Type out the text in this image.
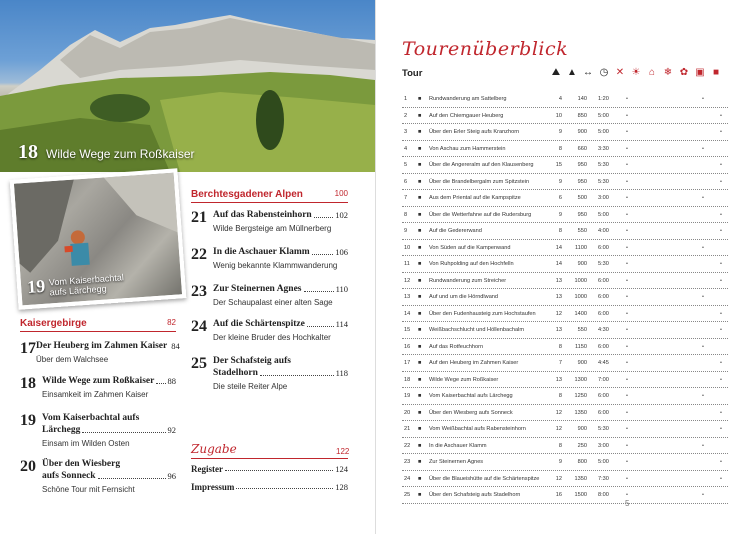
18 Wilde Wege zum Roßkaiser
19 Vom Kaiserbachtal
aufs Lärchegg
Kaisergebirge	82
Berchtesgadener Alpen	100
17 Der Heuberg im Zahmen Kaiser 84
Über dem Walchsee
18 Wilde Wege zum Roßkaiser 88
Einsamkeit im Zahmen Kaiser
19 Vom Kaiserbachtal aufs
Lärchegg	92
Einsam im Wilden Osten
20 Über den Wiesberg
aufs Sonneck	96
Schöne Tour mit Fernsicht
21 Auf das Rabensteinhorn	102
Wilde Bergsteige am Müllnerberg
22 In die Aschauer Klamm	106
Wenig bekannte Klammwanderung
23 Zur Steinernen Agnes	110
Der Schaupalast einer alten Sage
24 Auf die Schärtenspitze	114
Der kleine Bruder des Hochkalter
25 Der Schafsteig aufs
Stadelhorn	118
Die steile Reiter Alpe
Zugabe	122
Register	124
Impressum	128
Tourenüberblick
Tour	⛰ ▲ ↔ ◷ ✕ ☀ ⌂ ❄ ✿ ▣ ■
1 ■ Rundwanderung am Sattelberg	4	140 1:20	•	•
2 ■ Auf den Chiemgauer Heuberg	10	850 5:00	•	•
3 ■ Über den Erler Steig aufs Kranzhorn	9	900 5:00	•	•
4 ■ Von Aschau zum Hammerstein	8	660 3:30	•	•
5 ■ Über die Angereralm auf den Klausenberg	15	950 5:30	•	•
6 ■ Über die Brandelbergalm zum Spitzstein	9	950 5:30	•	•
7 ■ Aus dem Priental auf die Kampspitze	6	500 3:00	•	•
8 ■ Über die Wetterfahne auf die Rudersburg	9	950 5:00	•	•
9 ■ Auf die Gedererwand	8	550 4:00	•	•
10 ■ Von Süden auf die Kampenwand	14	1100 6:00	•	•
11 ■ Von Ruhpolding auf den Hochfelln	14	900 5:30	•	•
12 ■ Rundwanderung zum Streicher	13	1000 6:00	•	•
13 ■ Auf und um die Hörndlwand	13	1000 6:00	•	•
14 ■ Über den Fudenhausteig zum Hochstaufen	12	1400 6:00	•	•
15 ■ Weißbachschlucht und Höllenbachalm	13	550 4:30	•	•
16 ■ Auf das Rotfeuchhorn	8	1150 6:00	•	•
17 ■ Auf den Heuberg im Zahmen Kaiser	7	900 4:45	•	•
18 ■ Wilde Wege zum Roßkaiser	13	1300 7:00	•	•
19 ■ Vom Kaiserbachtal aufs Lärchegg	8	1250 6:00	•	•
20 ■ Über den Wiesberg aufs Sonneck	12	1350 6:00	•	•
21 ■ Vom Weißbachtal aufs Rabensteinhorn	12	900 5:30	•	•
22 ■ In die Aschauer Klamm	8	250 3:00	•	•
23 ■ Zur Steinernen Agnes	9	800 5:00	•	•
24 ■ Über die Blaueishütte auf die Schärtenspitze	12	1350 7:30	•	•
25 ■ Über den Schafsteig aufs Stadelhorn	16	1500 8:00	•	•
5
